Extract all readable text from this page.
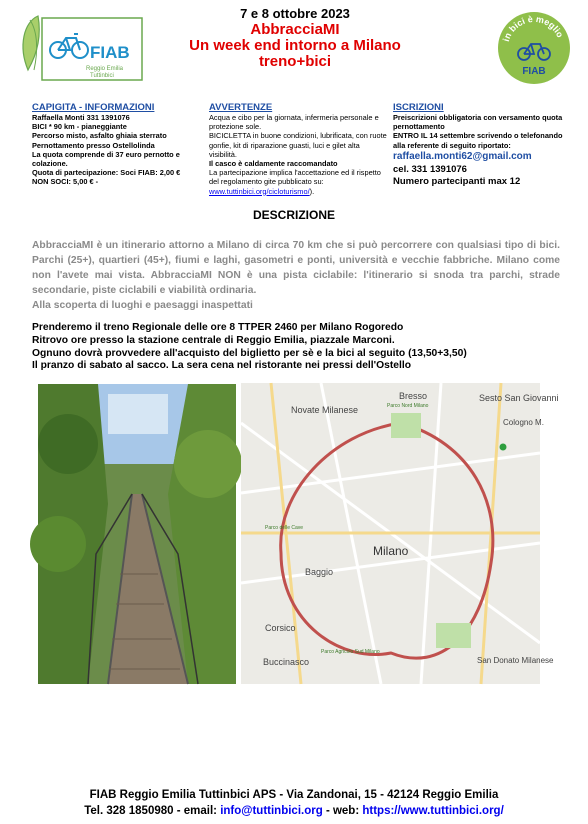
FIAB
Reggio Emilia
Tuttinbici
7 e 8 ottobre 2023
AbbracciaMI
Un week end intorno a Milano
treno+bici
in bici è meglio
FIAB
CAPIGITA - INFORMAZIONI
Raffaella Monti 331 1391076
BICI * 90 km - pianeggiante
Percorso misto, asfalto ghiaia sterrato
Pernottamento presso Ostellolinda
La quota comprende di 37 euro pernotto e colazione.
Quota di partecipazione: Soci FIAB: 2,00 €
NON SOCI: 5,00 € -
AVVERTENZE
Acqua e cibo per la giornata, infermeria personale e protezione sole.
BICICLETTA in buone condizioni, lubrificata, con ruote gonfie, kit di riparazione guasti, luci e gilet alta visibilità.
Il casco è caldamente raccomandato
La partecipazione implica l'accettazione ed il rispetto del regolamento gite pubblicato su:
www.tuttinbici.org/cicloturismo/).
ISCRIZIONI
Preiscrizioni obbligatoria con versamento quota pernottamento
ENTRO IL 14 settembre scrivendo o telefonando alla referente di seguito riportato:
raffaella.monti62@gmail.com
cel. 331 1391076
Numero partecipanti max 12
DESCRIZIONE
AbbracciaMI è un itinerario attorno a Milano di circa 70 km che si può percorrere con qualsiasi tipo di bici. Parchi (25+), quartieri (45+), fiumi e laghi, gasometri e ponti, università e vecchie fabbriche. Milano come non l'avete mai vista. AbbracciaMI NON è una pista ciclabile: l'itinerario si snoda tra parchi, strade secondarie, piste ciclabili e viabilità ordinaria.
Alla scoperta di luoghi e paesaggi inaspettati
Prenderemo il treno Regionale delle ore 8 TTPER 2460 per Milano Rogoredo
Ritrovo ore presso la stazione centrale di Reggio Emilia, piazzale Marconi.
Ognuno dovrà provvedere all'acquisto del biglietto per sè e la bici al seguito (13,50+3,50)
Il pranzo di sabato al sacco. La sera cena nel ristorante nei pressi dell'Ostello
Novate Milanese
Bresso	Sesto San Giovanni
Cologno M.
Milano
Baggio
Corsico
Buccinasco	San Donato Milanese
Parco Nord Milano
Parco Agricolo Sud Milano
Parco delle Cave
FIAB Reggio Emilia Tuttinbici APS - Via Zandonai, 15 - 42124 Reggio Emilia
Tel. 328 1850980 - email: info@tuttinbici.org - web: https://www.tuttinbici.org/
